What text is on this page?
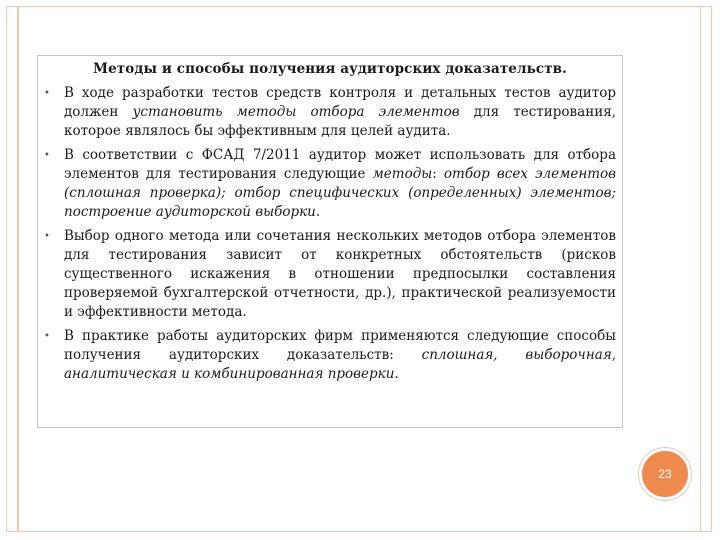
Методы и способы получения аудиторских доказательств.
• В ходе разработки тестов средств контроля и детальных тестов аудитор должен установить методы отбора элементов для тестирования, которое являлось бы эффективным для целей аудита.
• В соответствии с ФСАД 7/2011 аудитор может использовать для отбора элементов для тестирования следующие методы: отбор всех элементов (сплошная проверка); отбор специфических (определенных) элементов; построение аудиторской выборки.
• Выбор одного метода или сочетания нескольких методов отбора элементов для тестирования зависит от конкретных обстоятельств (рисков существенного искажения в отношении предпосылки составления проверяемой бухгалтерской отчетности, др.), практической реализуемости и эффективности метода.
• В практике работы аудиторских фирм применяются следующие способы получения аудиторских доказательств: сплошная, выборочная, аналитическая и комбинированная проверки.
23
